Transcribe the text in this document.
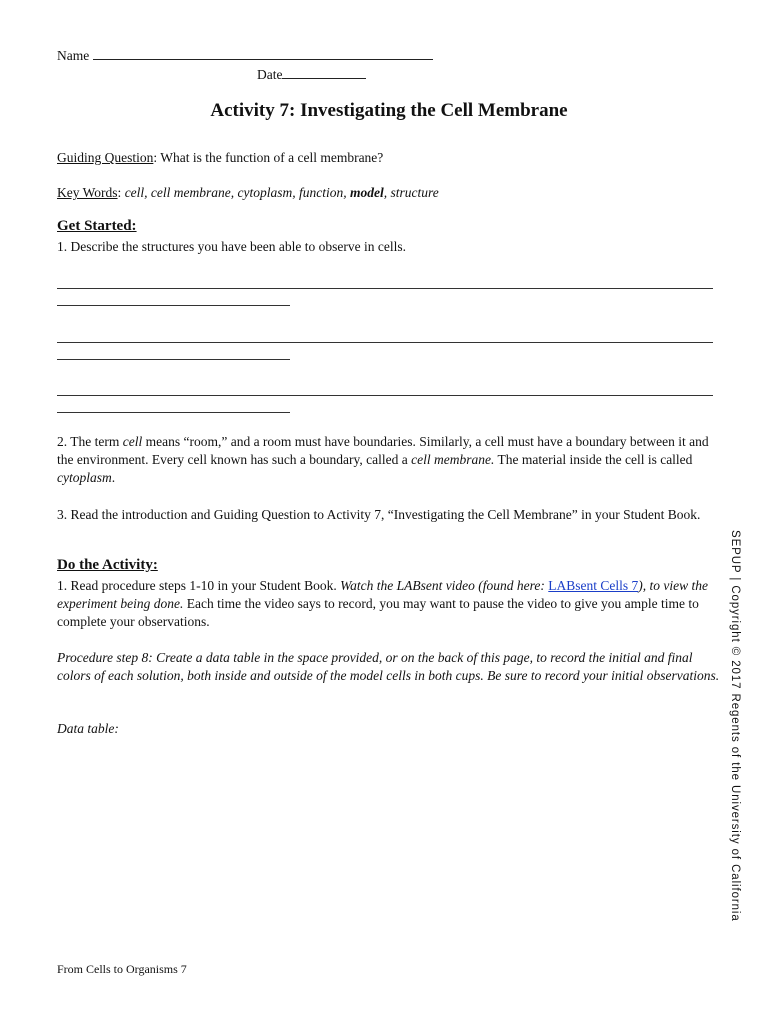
Name
Date
Activity 7: Investigating the Cell Membrane
Guiding Question: What is the function of a cell membrane?
Key Words: cell, cell membrane, cytoplasm, function, model, structure
Get Started:
1. Describe the structures you have been able to observe in cells.
2. The term cell means “room,” and a room must have boundaries. Similarly, a cell must have a boundary between it and the environment. Every cell known has such a boundary, called a cell membrane. The material inside the cell is called cytoplasm.
3. Read the introduction and Guiding Question to Activity 7, “Investigating the Cell Membrane” in your Student Book.
Do the Activity:
1. Read procedure steps 1-10 in your Student Book. Watch the LABsent video (found here: LABsent Cells 7), to view the experiment being done. Each time the video says to record, you may want to pause the video to give you ample time to complete your observations.
Procedure step 8: Create a data table in the space provided, or on the back of this page, to record the initial and final colors of each solution, both inside and outside of the model cells in both cups. Be sure to record your initial observations.
Data table:
From Cells to Organisms 7
SEPUP | Copyright © 2017 Regents of the University of California
